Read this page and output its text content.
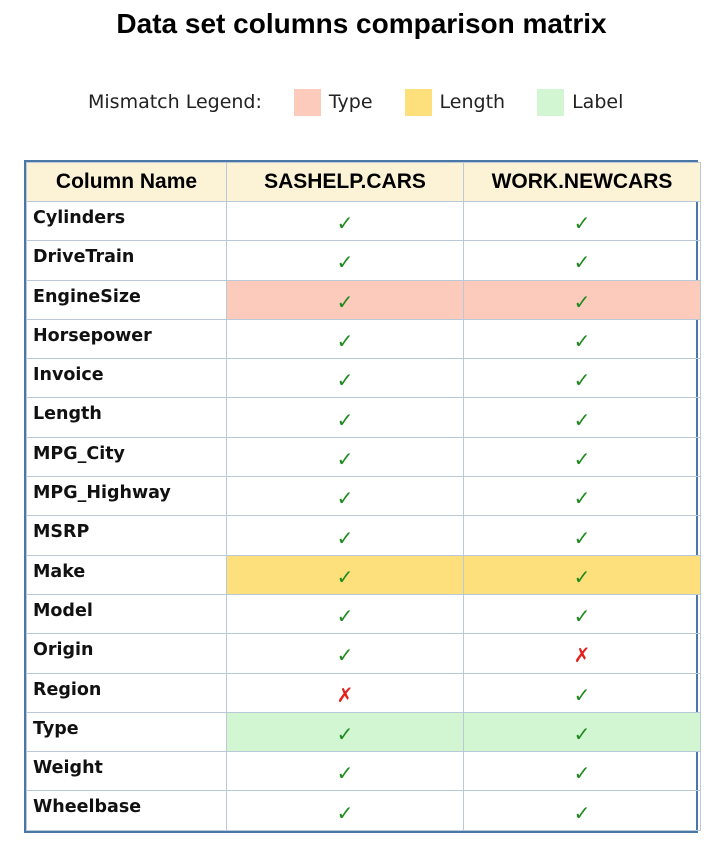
Data set columns comparison matrix
Mismatch Legend:	Type	Length	Label
Column Name	SASHELP.CARS	WORK.NEWCARS
Cylinders	✓	✓
DriveTrain	✓	✓
EngineSize	✓	✓
Horsepower	✓	✓
Invoice	✓	✓
Length	✓	✓
MPG_City	✓	✓
MPG_Highway	✓	✓
MSRP	✓	✓
Make	✓	✓
Model	✓	✓
Origin	✓	✗
Region	✗	✓
Type	✓	✓
Weight	✓	✓
Wheelbase	✓	✓
